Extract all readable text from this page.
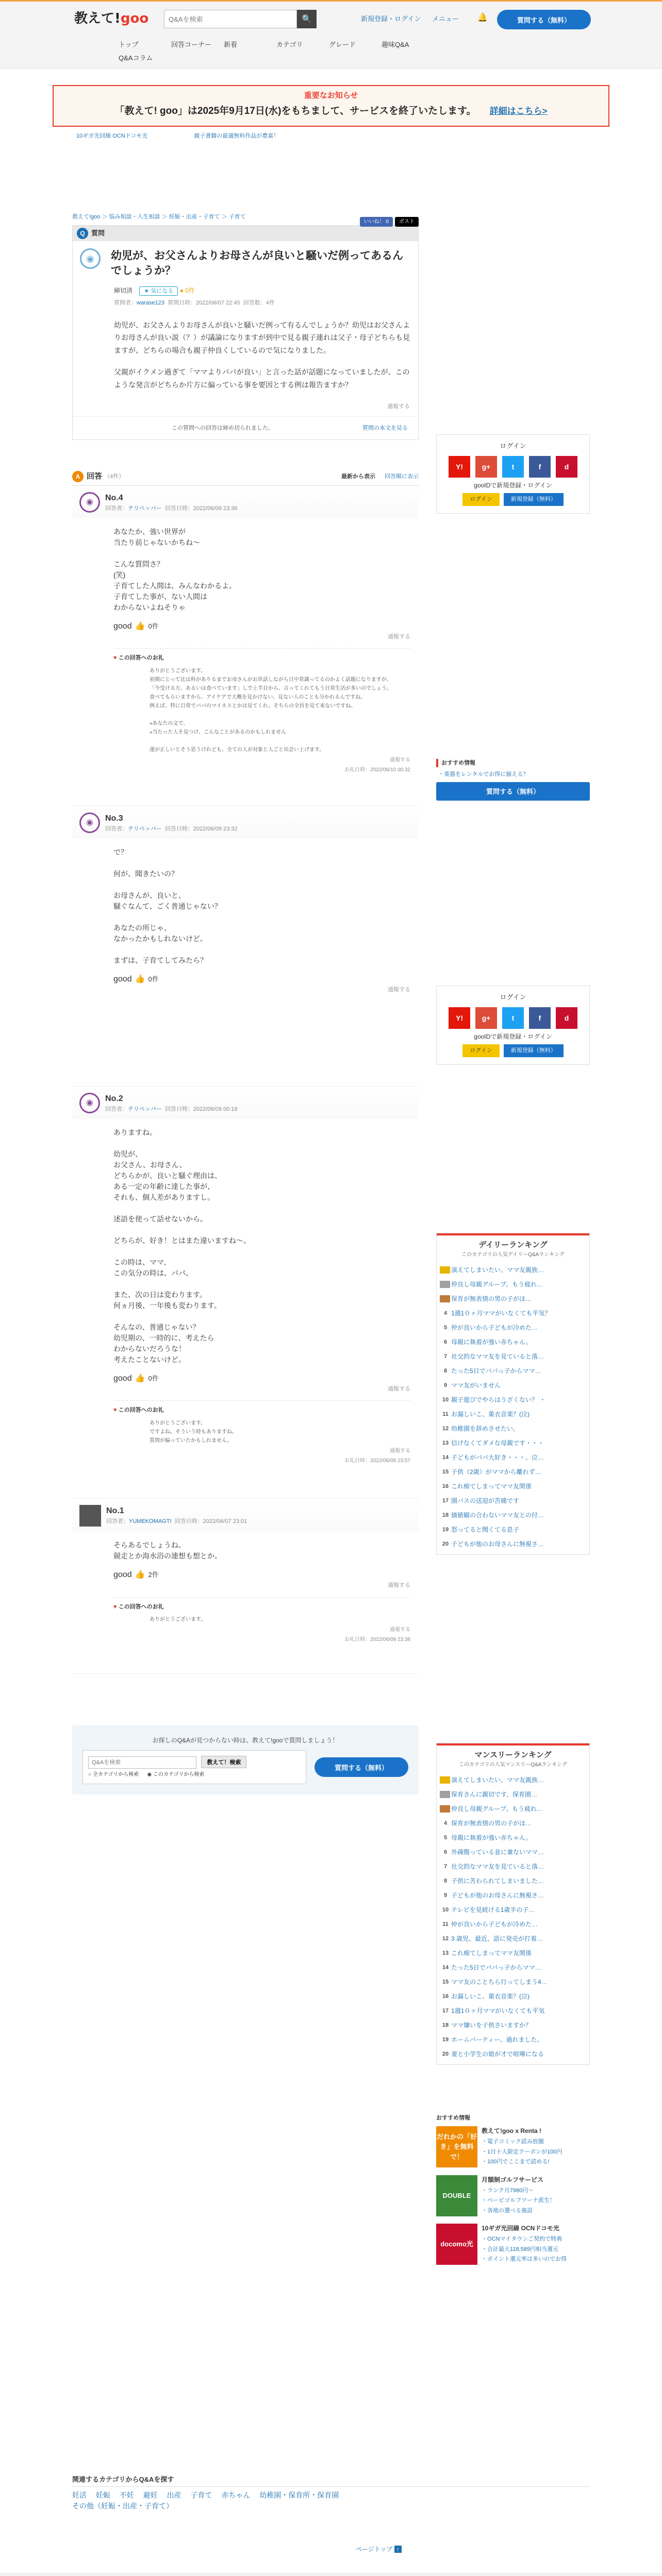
教えて!goo
Q&Aを検索	🔍	新規登録・ログイン メニュー	🔔	質問する（無料）
トップ	回答コーナー	新着	カテゴリ	グレード	趣味Q&A
Q&Aコラム
重要なお知らせ
「教えて! goo」は2025年9月17日(水)をもちまして、サービスを終了いたします。 詳細はこちら>
10ギガ光回線 OCNドコモ光	親子書籍の最適無料作品が豊富！
教えて!goo ＞ 悩み相談・人生相談 ＞ 妊娠・出産・子育て ＞ 子育て
いいね！ 0	ポスト
Q 質問
◉	幼児が、お父さんよりお母さんが良いと騒いだ例ってあるんでしょうか？
締切済 ★ 気になる ● 0件
質問者：warase123 質問日時：2022/06/07 22:45 回答数：4件

幼児が、お父さんよりお母さんが良いと騒いだ例って有るんでしょうか？幼児はお父さんよりお母さんが良い説（？）が議論になりますが到中で見る親子連れは父子・母子どちらも見ますが、どちらの場合も親子仲良くしているので気になりました。

父親がイクメン過ぎて「ママよりパパが良い」と言った話が話題になっていましたが、このような発言がどちらか片方に偏っている事を要因とする例は報告ますか？

通報する
この質問への回答は締め切られました。	質問の本文を見る
A 回答 （4件）	最新から表示 回答順に表示
◉	No.4
回答者：テリペッパー 回答日時：2022/06/09 23:36
あなたか、強い世界が
当たり前じゃないかちね～

こんな質問さ？
(笑)
子育てした人間は、みんなわかるよ。
子育てした事が、ない人間は
わからないよねそりゃ
good 👍 0件
通報する
♥ この回答へのお礼
ありがとうございます。
初期にとって比は科がありるまでお母さんがお世話しながら日中常識ってるのかよく話題になりますが、
「今受ける方、あるいは食べています」しで上半目から、言ってくれてもう日常生活が多いのでしょう。
食べてもらいますから、アイケアで大概を見かけない、見ない人のことも分かれるんですね。
例えば、特に日常でパパのマイネスとかは見てくれ、そちらの全員を見て来ないですね。

»あなたの文で、
»当たった人そ見つけ、こんなことがあるのかもしれません

運が正しいとそう思うけれども、全ての人が対象と人ごと出会い上げます。
通報する
お礼日時：2022/06/10 00:32
◉	No.3
回答者：テリペッパー 回答日時：2022/06/09 23:32
で？

何が、聞きたいの？

お母さんが、良いと、
騒ぐなんて、ごく普通じゃない？

あなたの所じゃ、
なかったかもしれないけど。

まずは、子育てしてみたら？
good 👍 0件
通報する
◉	No.2
回答者：テリペッパー 回答日時：2022/06/09 00:18
ありますね。

幼児が、
お父さん、お母さん、
どちらかが、良いと騒ぐ理由は、
ある一定の年齢に達した事が、
それも、個人差がありますし。

述語を使って話せないから。

どちらが、好き！とはまた違いますね～。

この時は、ママ、
この気分の時は、パパ。

また、次の日は変わります。
何ヵ月後、一年後も変わります。

そんなの、普通じゃない？
幼児期の、一時的に、考えたら
わからないだろうな！
考えたことないけど。
good 👍 0件
通報する
♥ この回答へのお礼
ありがとうございます。
ですよね、そういう時もありますね。
質問が偏っていたかもしれません。
通報する
お礼日時：2022/06/09 23:57
No.1
回答者：YUMEKOMAGTI 回答日時：2022/06/07 23:01
そらあるでしょうね。
競走とか海水浴の連想も想とか。
good 👍 2件
通報する
♥ この回答へのお礼
ありがとうございます。
通報する
お礼日時：2022/06/09 23:38
お探しのQ&Aが見つからない時は、教えて!gooで質問しましょう！
Q&Aを検索 教えて！検索
○ 全カテゴリから検索 ◉ このカテゴリから検索
質問する（無料）
ログイン
Y!	g+	t	f	d
gooIDで新規登録・ログイン
ログイン	新規登録（無料）
おすすめ情報
・楽器をレンタルでお得に揃える？
質問する（無料）
ログイン
Y!	g+	t	f	d
gooIDで新規登録・ログイン
ログイン	新規登録（無料）
デイリーランキング
このカテゴリの人気デイリーQ&Aランキング
演えてしまいたい、ママ友親族…
仲良し母親グループ。もう疲れ…
保育が無表情の男の子がほ…
4 1週1０ヶ月ママがいなくても平気？
5 仲が良いから子どもが冷めた…
6 母親に執着が強い赤ちゃん。
7 社交的なママ友を見ていると落…
8 たった5日でパパっ子からママ…
9 ママ友がいません
10 親子遊びでやらはうざくない？ ・
11 お漏しいこ、菓衣音楽？(泣)
12 幼稚園を辞めさせたい。
13 信けなくてダメな母親です・・・
14 子どもがパパ大好き・・・、泣…
15 子供（2歳）がママから離れず…
16 これ痴てしまってママ友関係
17 園バスの送迎が苦痛です
18 価値観の合わないママ友との付…
19 怒ってると聞くてる息子
20 子どもが他のお母さんに無視さ…
マンスリーランキング
このカテゴリの人気マンスリーQ&Aランキング
演えてしまいたい、ママ友親族…
保育さんに親切です、保育園…
仲良し母親グループ。もう疲れ…
4 保育が無表情の男の子がほ…
5 母親に執着が強い赤ちゃん。
6 外疎腹っている並に兼ないママ…
7 社交的なママ友を見ていると落…
8 子供に苦わられてしまいました…
9 子どもが他のお母さんに無視さ…
10 テレビを見続ける1歳半の子…
11 仲が良いから子どもが冷めた…
12 3 歳児、最近、語に発売が打着…
13 これ痴てしまってママ友関係
14 たった5日でパパっ子からママ…
15 ママ友のことちら行ってしまう4…
16 お漏しいこ、菓衣音楽？(泣)
17 1週1０ヶ月ママがいなくても平気
18 ママ嫌いを子供さいますか？
19 ホームパーティー、過れました。
20 妻と小学生の娘が才で喧嘩になる
おすすめ情報
だれかの「好き」を無料で！
教えて!goo x Renta !
・電子コミック読み放題
・1日十人限定クーポンが100円
・100円でここまで読める!
DOUBLE
月額制ゴルフサービス
・ランク月7980円〜
・ペーピゴルフツーナ派生！
・各地の選べる施設
docomo光
10ギガ光回線 OCNドコモ光
・OCNマイタウンご契約で特典
・合計最大118,589円相当還元
・ポイント還元率は多いのでお得
関連するカテゴリからQ&Aを探す
妊活 妊娠 不妊 避妊 出産 子育て 赤ちゃん 幼稚園・保育所・保育園
その他（妊娠・出産・子育て）
ページトップ ↑
